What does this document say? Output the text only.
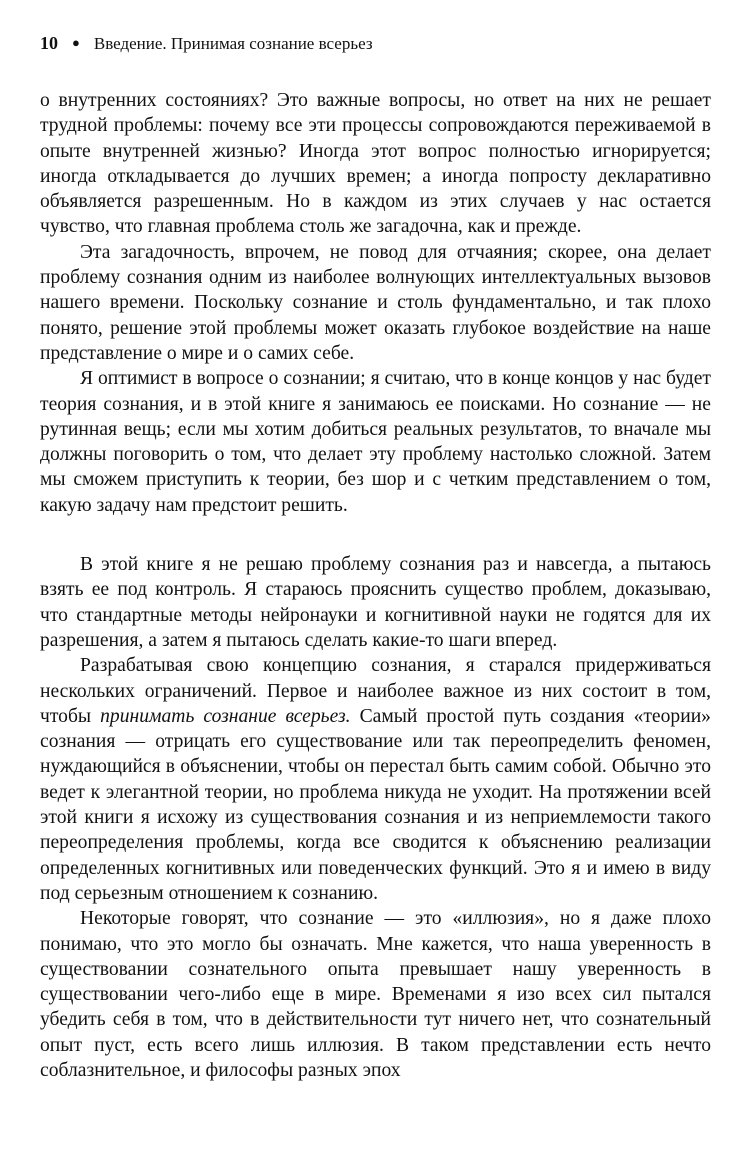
10 ● Введение. Принимая сознание всерьез

о внутренних состояниях? Это важные вопросы, но ответ на них не решает трудной проблемы: почему все эти процессы сопровождаются переживаемой в опыте внутренней жизнью? Иногда этот вопрос полностью игнорируется; иногда откладывается до лучших времен; а иногда попросту декларативно объявляется разрешенным. Но в каждом из этих случаев у нас остается чувство, что главная проблема столь же загадочна, как и прежде.

Эта загадочность, впрочем, не повод для отчаяния; скорее, она делает проблему сознания одним из наиболее волнующих интеллектуальных вызовов нашего времени. Поскольку сознание и столь фундаментально, и так плохо понято, решение этой проблемы может оказать глубокое воздействие на наше представление о мире и о самих себе.

Я оптимист в вопросе о сознании; я считаю, что в конце концов у нас будет теория сознания, и в этой книге я занимаюсь ее поисками. Но сознание — не рутинная вещь; если мы хотим добиться реальных результатов, то вначале мы должны поговорить о том, что делает эту проблему настолько сложной. Затем мы сможем приступить к теории, без шор и с четким представлением о том, какую задачу нам предстоит решить.

В этой книге я не решаю проблему сознания раз и навсегда, а пытаюсь взять ее под контроль. Я стараюсь прояснить существо проблем, доказываю, что стандартные методы нейронауки и когнитивной науки не годятся для их разрешения, а затем я пытаюсь сделать какие-то шаги вперед.

Разрабатывая свою концепцию сознания, я старался придерживаться нескольких ограничений. Первое и наиболее важное из них состоит в том, чтобы принимать сознание всерьез. Самый простой путь создания «теории» сознания — отрицать его существование или так переопределить феномен, нуждающийся в объяснении, чтобы он перестал быть самим собой. Обычно это ведет к элегантной теории, но проблема никуда не уходит. На протяжении всей этой книги я исхожу из существования сознания и из неприемлемости такого переопределения проблемы, когда все сводится к объяснению реализации определенных когнитивных или поведенческих функций. Это я и имею в виду под серьезным отношением к сознанию.

Некоторые говорят, что сознание — это «иллюзия», но я даже плохо понимаю, что это могло бы означать. Мне кажется, что наша уверенность в существовании сознательного опыта превышает нашу уверенность в существовании чего-либо еще в мире. Временами я изо всех сил пытался убедить себя в том, что в действительности тут ничего нет, что сознательный опыт пуст, есть всего лишь иллюзия. В таком представлении есть нечто соблазнительное, и философы разных эпох
